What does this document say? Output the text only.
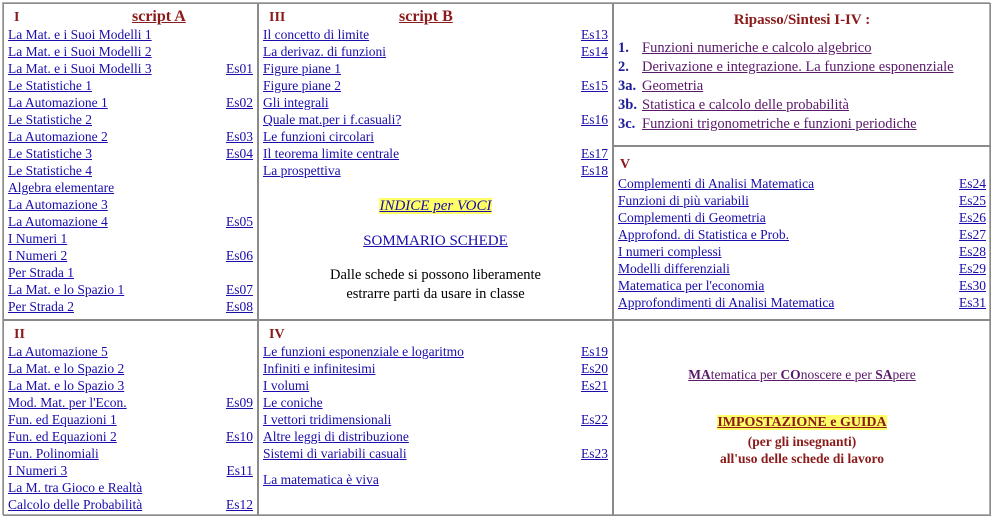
I	script A
La Mat. e i Suoi Modelli 1
La Mat. e i Suoi Modelli 2
La Mat. e i Suoi Modelli 3	Es01
Le Statistiche 1
La Automazione 1	Es02
Le Statistiche 2
La Automazione 2	Es03
Le Statistiche 3	Es04
Le Statistiche 4
Algebra elementare
La Automazione 3
La Automazione 4	Es05
I Numeri 1
I Numeri 2	Es06
Per Strada 1
La Mat. e lo Spazio 1	Es07
Per Strada 2	Es08
III	script B
Il concetto di limite	Es13
La derivaz. di funzioni	Es14
Figure piane 1
Figure piane 2	Es15
Gli integrali
Quale mat.per i f.casuali?	Es16
Le funzioni circolari
Il teorema limite centrale	Es17
La prospettiva	Es18
INDICE per VOCI
SOMMARIO SCHEDE
Dalle schede si possono liberamente
estrarre parti da usare in classe
Ripasso/Sintesi I-IV :
1. Funzioni numeriche e calcolo algebrico
2. Derivazione e integrazione. La funzione esponenziale
3a. Geometria
3b. Statistica e calcolo delle probabilità
3c. Funzioni trigonometriche e funzioni periodiche
V
Complementi di Analisi Matematica	Es24
Funzioni di più variabili	Es25
Complementi di Geometria	Es26
Approfond. di Statistica e Prob.	Es27
I numeri complessi	Es28
Modelli differenziali	Es29
Matematica per l'economia	Es30
Approfondimenti di Analisi Matematica	Es31
II
La Automazione 5
La Mat. e lo Spazio 2
La Mat. e lo Spazio 3
Mod. Mat. per l'Econ.	Es09
Fun. ed Equazioni 1
Fun. ed Equazioni 2	Es10
Fun. Polinomiali
I Numeri 3	Es11
La M. tra Gioco e Realtà
Calcolo delle Probabilità	Es12
IV
Le funzioni esponenziale e logaritmo	Es19
Infiniti e infinitesimi	Es20
I volumi	Es21
Le coniche
I vettori tridimensionali	Es22
Altre leggi di distribuzione
Sistemi di variabili casuali	Es23
La matematica è viva
MAtematica per COnoscere e per SApere
IMPOSTAZIONE e GUIDA
(per gli insegnanti)
all'uso delle schede di lavoro
